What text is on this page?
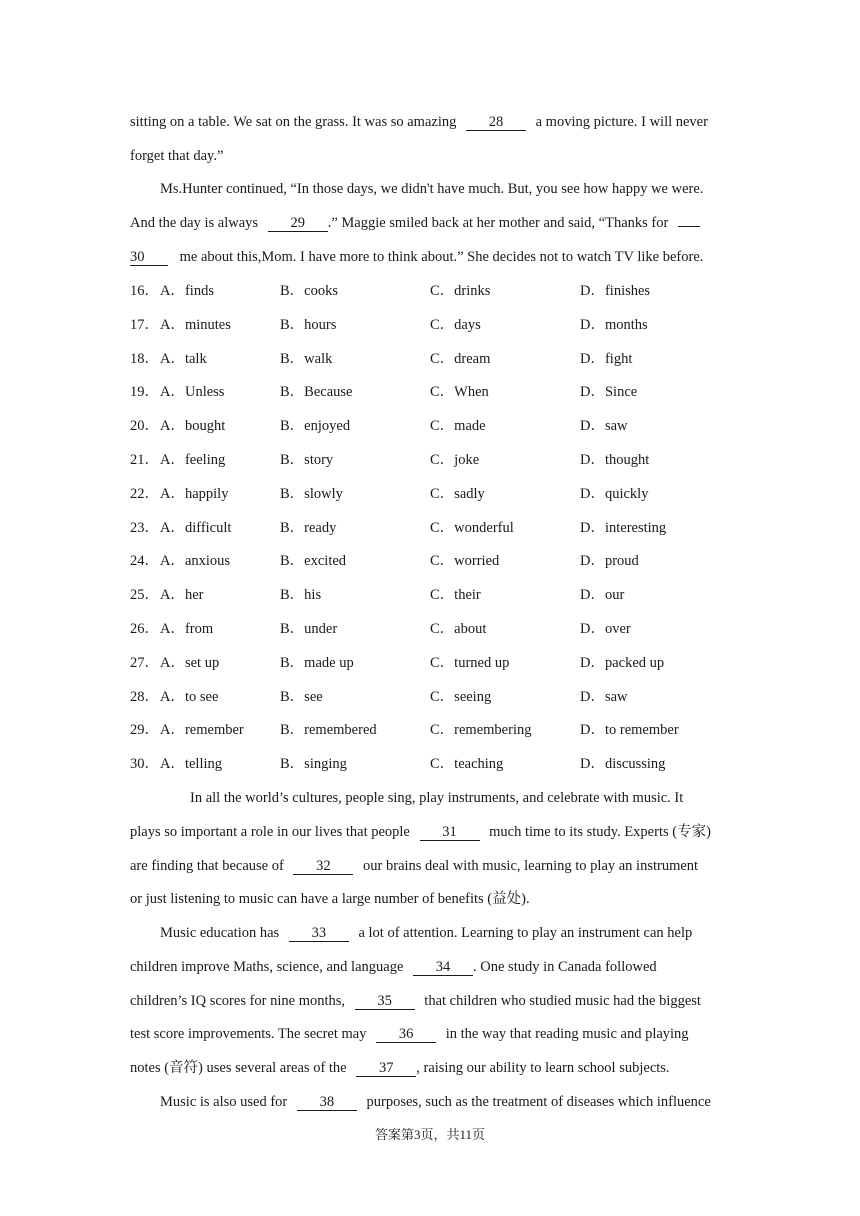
sitting on a table. We sat on the grass. It was so amazing 28 a moving picture. I will never
forget that day.”
Ms.Hunter continued, “In those days, we didn't have much. But, you see how happy we were.
And the day is always 29 .” Maggie smiled back at her mother and said, “Thanks for
30 me about this,Mom. I have more to think about.” She decides not to watch TV like before.
16． A．finds	B．cooks	C．drinks	D．finishes
17． A．minutes	B．hours	C．days	D．months
18． A．talk	B．walk	C．dream	D．fight
19． A．Unless	B．Because	C．When	D．Since
20． A．bought	B．enjoyed	C．made	D．saw
21． A．feeling	B．story	C．joke	D．thought
22． A．happily	B．slowly	C．sadly	D．quickly
23． A．difficult	B．ready	C．wonderful	D．interesting
24． A．anxious	B．excited	C．worried	D．proud
25． A．her	B．his	C．their	D．our
26． A．from	B．under	C．about	D．over
27． A．set up	B．made up	C．turned up	D．packed up
28． A．to see	B．see	C．seeing	D．saw
29． A．remember	B．remembered	C．remembering	D．to remember
30． A．telling	B．singing	C．teaching	D．discussing
In all the world’s cultures, people sing, play instruments, and celebrate with music. It
plays so important a role in our lives that people 31 much time to its study. Experts (专家)
are finding that because of 32 our brains deal with music, learning to play an instrument
or just listening to music can have a large number of benefits (益处).
Music education has 33 a lot of attention. Learning to play an instrument can help
children improve Maths, science, and language 34 . One study in Canada followed
children’s IQ scores for nine months, 35 that children who studied music had the biggest
test score improvements. The secret may 36 in the way that reading music and playing
notes (音符) uses several areas of the 37 , raising our ability to learn school subjects.
Music is also used for 38 purposes, such as the treatment of diseases which influence
答案第3页，共11页
